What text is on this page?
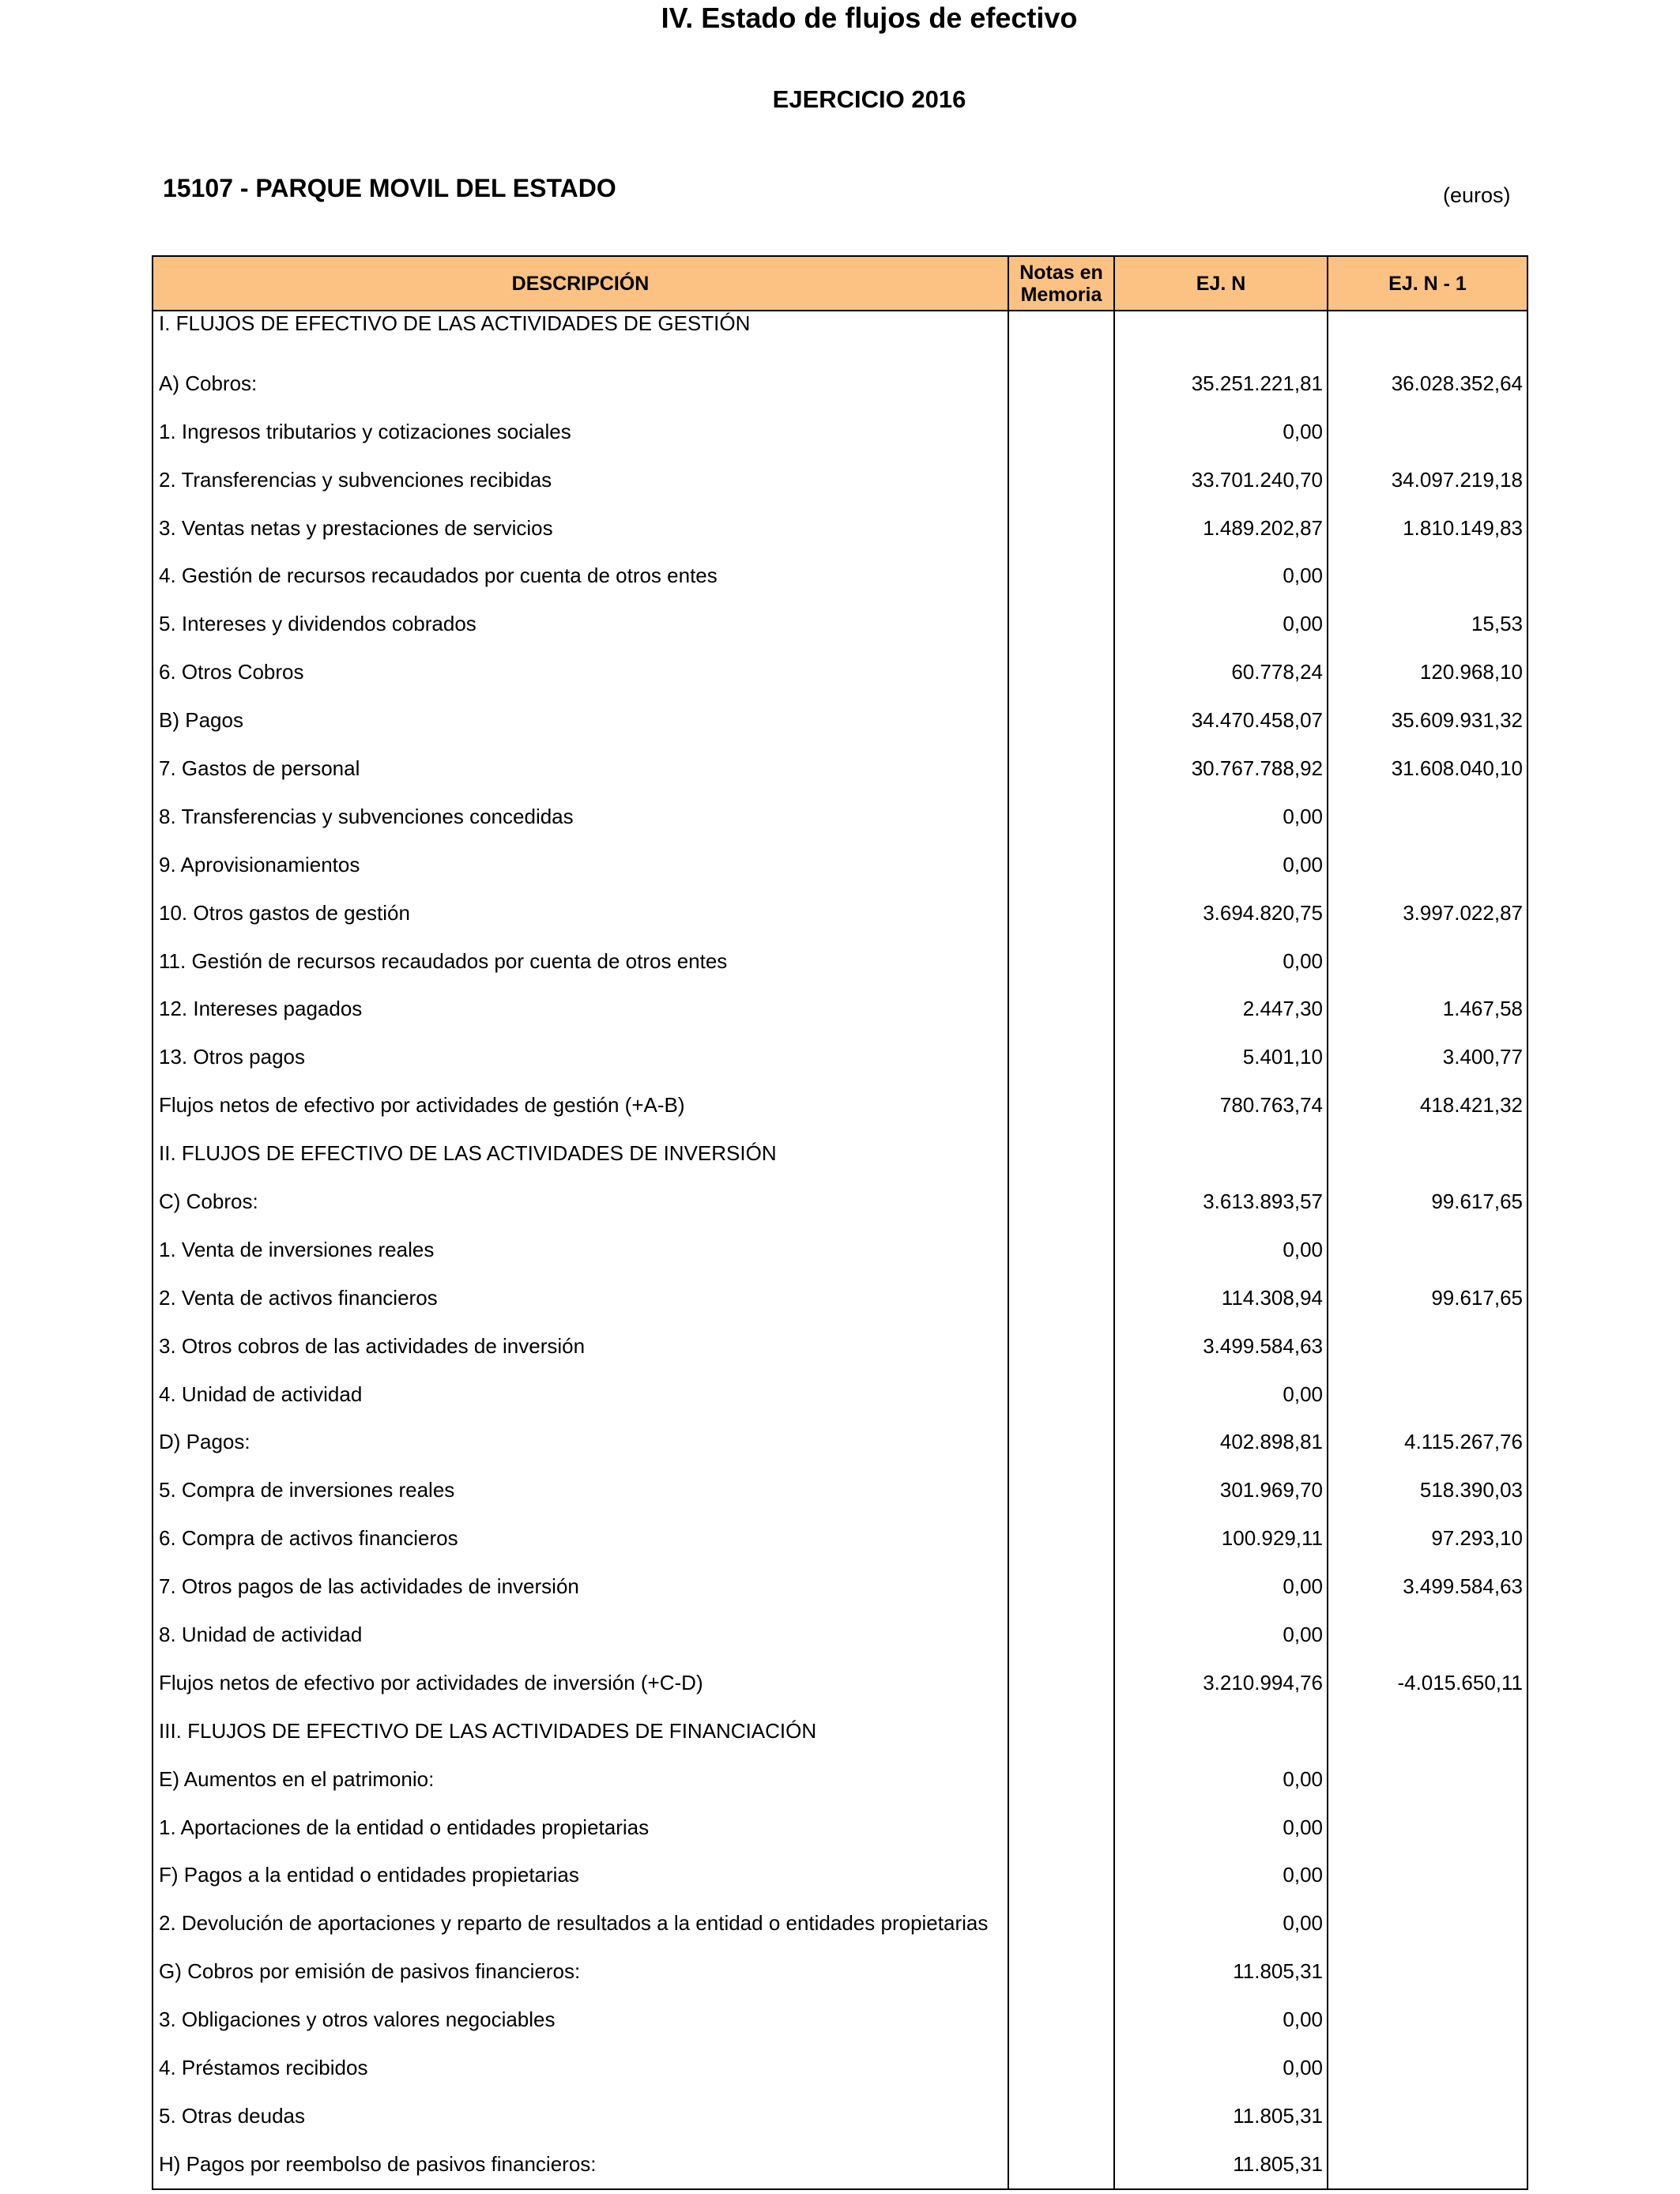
IV. Estado de flujos de efectivo
EJERCICIO 2016
15107 - PARQUE MOVIL DEL ESTADO	(euros)
DESCRIPCIÓN	Notas en Memoria	EJ. N	EJ. N - 1
I. FLUJOS DE EFECTIVO DE LAS ACTIVIDADES DE GESTIÓN			
A) Cobros:		35.251.221,81	36.028.352,64
1. Ingresos tributarios y cotizaciones sociales		0,00	
2. Transferencias y subvenciones recibidas		33.701.240,70	34.097.219,18
3. Ventas netas y prestaciones de servicios		1.489.202,87	1.810.149,83
4. Gestión de recursos recaudados por cuenta de otros entes		0,00	
5. Intereses y dividendos cobrados		0,00	15,53
6. Otros Cobros		60.778,24	120.968,10
B) Pagos		34.470.458,07	35.609.931,32
7. Gastos de personal		30.767.788,92	31.608.040,10
8. Transferencias y subvenciones concedidas		0,00	
9. Aprovisionamientos		0,00	
10. Otros gastos de gestión		3.694.820,75	3.997.022,87
11. Gestión de recursos recaudados por cuenta de otros entes		0,00	
12. Intereses pagados		2.447,30	1.467,58
13. Otros pagos		5.401,10	3.400,77
Flujos netos de efectivo por actividades de gestión (+A-B)		780.763,74	418.421,32
II. FLUJOS DE EFECTIVO DE LAS ACTIVIDADES DE INVERSIÓN			
C) Cobros:		3.613.893,57	99.617,65
1. Venta de inversiones reales		0,00	
2. Venta de activos financieros		114.308,94	99.617,65
3. Otros cobros de las actividades de inversión		3.499.584,63	
4. Unidad de actividad		0,00	
D) Pagos:		402.898,81	4.115.267,76
5. Compra de inversiones reales		301.969,70	518.390,03
6. Compra de activos financieros		100.929,11	97.293,10
7. Otros pagos de las actividades de inversión		0,00	3.499.584,63
8. Unidad de actividad		0,00	
Flujos netos de efectivo por actividades de inversión (+C-D)		3.210.994,76	-4.015.650,11
III. FLUJOS DE EFECTIVO DE LAS ACTIVIDADES DE FINANCIACIÓN			
E) Aumentos en el patrimonio:		0,00	
1. Aportaciones de la entidad o entidades propietarias		0,00	
F) Pagos a la entidad o entidades propietarias		0,00	
2. Devolución de aportaciones y reparto de resultados a la entidad o entidades propietarias		0,00	
G) Cobros por emisión de pasivos financieros:		11.805,31	
3. Obligaciones y otros valores negociables		0,00	
4. Préstamos recibidos		0,00	
5. Otras deudas		11.805,31	
H) Pagos por reembolso de pasivos financieros:		11.805,31	
